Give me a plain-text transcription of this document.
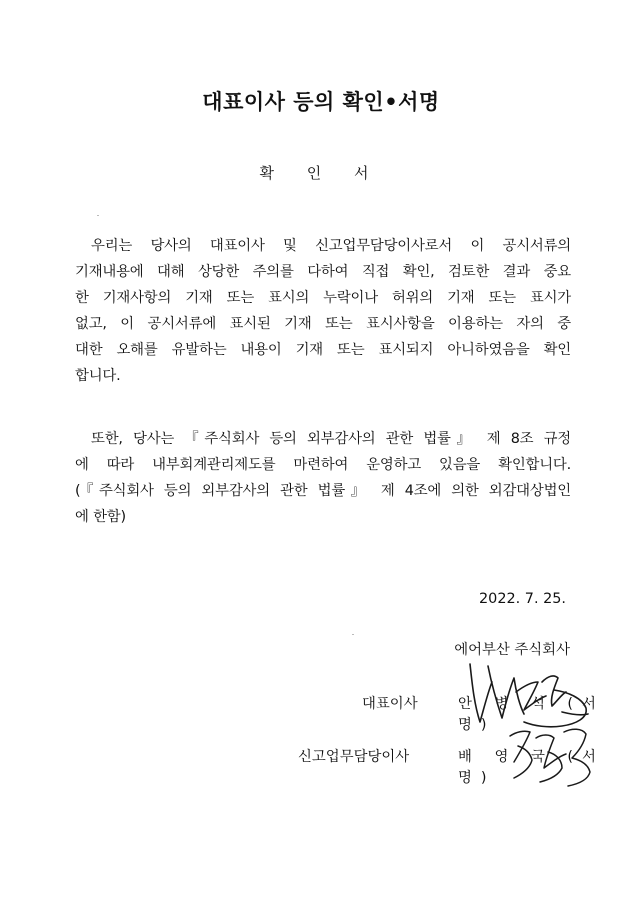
대표이사 등의 확인•서명
확 인 서
우리는 당사의 대표이사 및 신고업무담당이사로서 이 공시서류의
기재내용에 대해 상당한 주의를 다하여 직접 확인, 검토한 결과 중요
한 기재사항의 기재 또는 표시의 누락이나 허위의 기재 또는 표시가
없고, 이 공시서류에 표시된 기재 또는 표시사항을 이용하는 자의 중
대한 오해를 유발하는 내용이 기재 또는 표시되지 아니하였음을 확인
합니다.
또한, 당사는 『주식회사 등의 외부감사의 관한 법률』 제 8조 규정
에 따라 내부회계관리제도를 마련하여 운영하고 있음을 확인합니다.
(『주식회사 등의 외부감사의 관한 법률』 제 4조에 의한 외감대상법인
에 한함)
2022. 7. 25.
에어부산 주식회사
대표이사	안 병 석 (서명)
신고업무담당이사	배 영 국 (서명)
